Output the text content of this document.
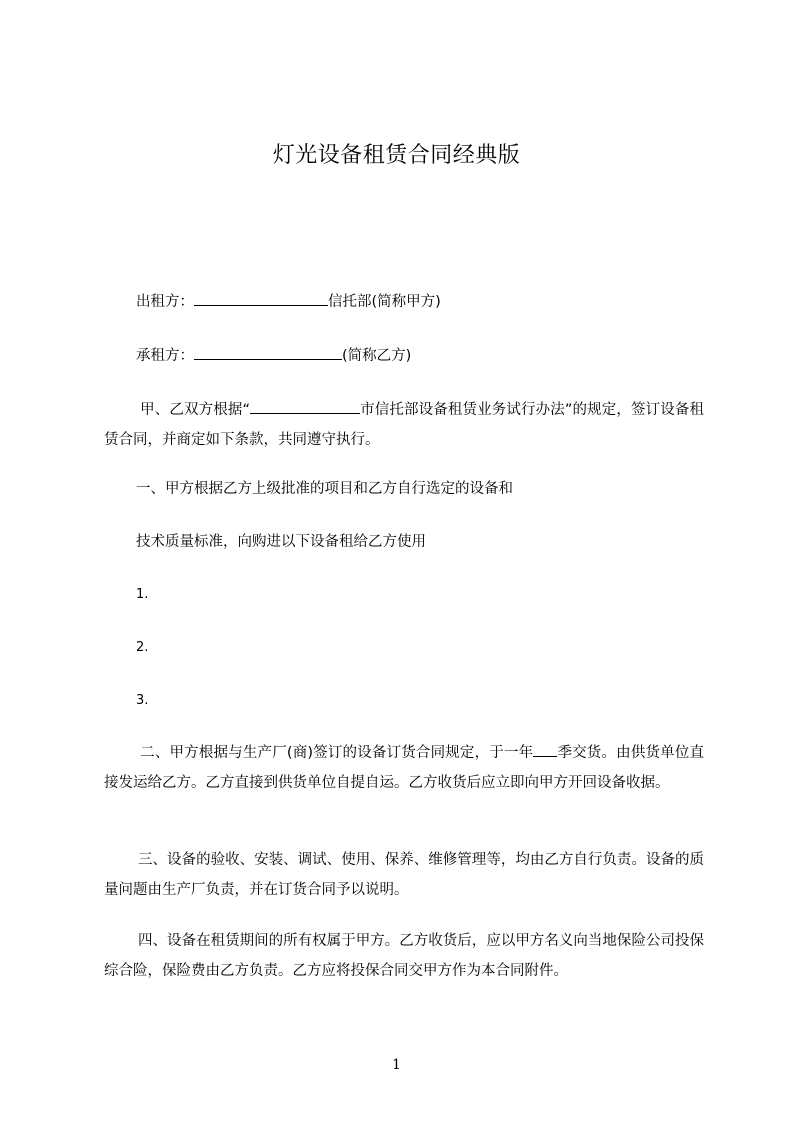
灯光设备租赁合同经典版
出租方：	信托部(简称甲方)
承租方：	(简称乙方)
甲、乙双方根据“	市信托部设备租赁业务试行办法”的规定，签订设备租赁合同，并商定如下条款，共同遵守执行。
一、甲方根据乙方上级批准的项目和乙方自行选定的设备和
技术质量标准，向购进以下设备租给乙方使用
1.
2.
3.
二、甲方根据与生产厂(商)签订的设备订货合同规定，于一年 季交货。由供货单位直接发运给乙方。乙方直接到供货单位自提自运。乙方收货后应立即向甲方开回设备收据。
三、设备的验收、安装、调试、使用、保养、维修管理等，均由乙方自行负责。设备的质量问题由生产厂负责，并在订货合同予以说明。
四、设备在租赁期间的所有权属于甲方。乙方收货后，应以甲方名义向当地保险公司投保综合险，保险费由乙方负责。乙方应将投保合同交甲方作为本合同附件。
1
